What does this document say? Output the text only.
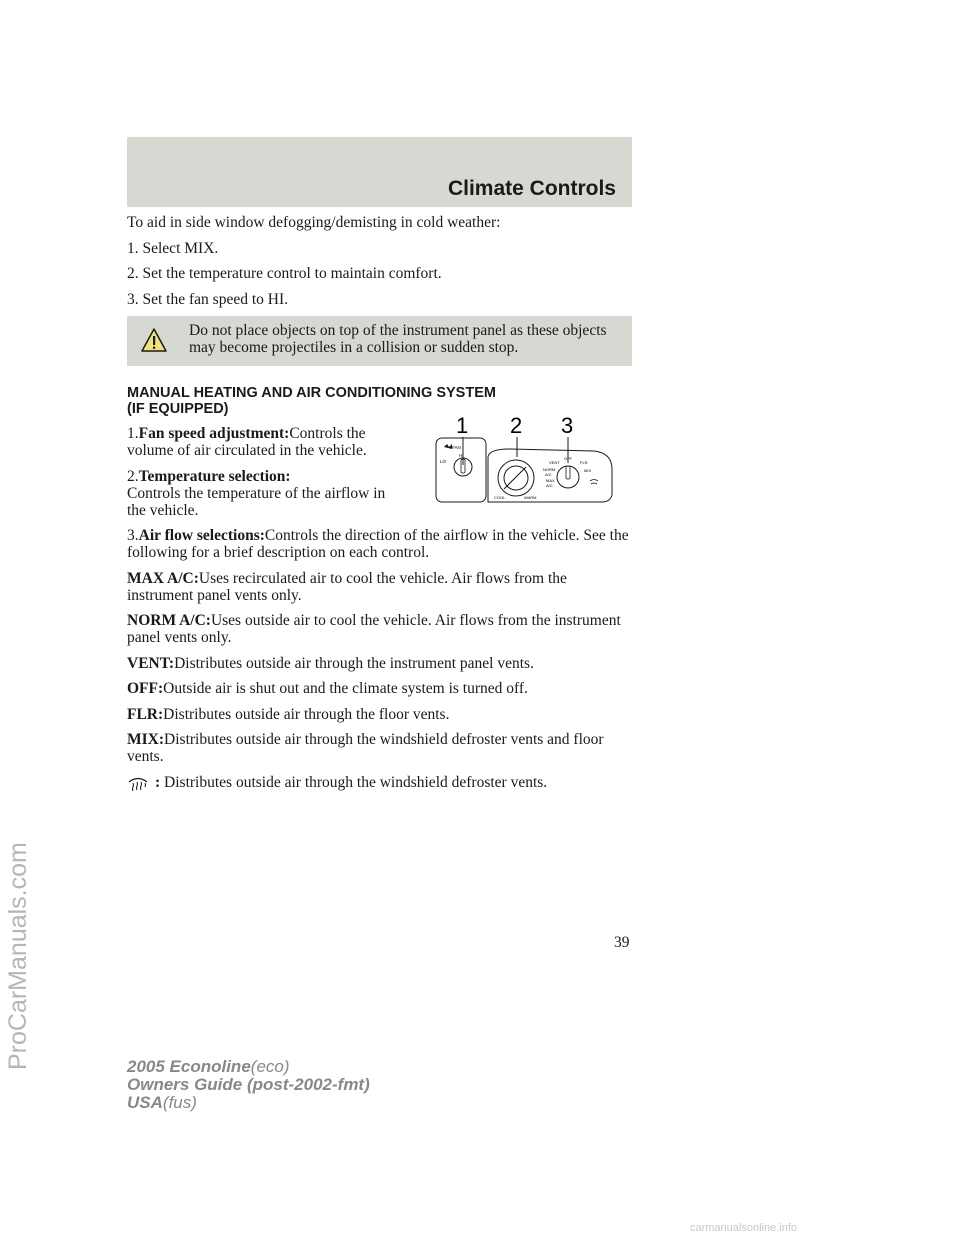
Climate Controls

To aid in side window defogging/demisting in cold weather:

1. Select MIX.

2. Set the temperature control to maintain comfort.

3. Set the fan speed to HI.

Do not place objects on top of the instrument panel as these objects may become projectiles in a collision or sudden stop.
MANUAL HEATING AND AIR CONDITIONING SYSTEM
(IF EQUIPPED)
1 2 3
FAN
HI
LO
COOL	WARM
OFF
VENT	FLR
NORM
A/C
MAX
A/C
MIX

1.Fan speed adjustment:Controls the volume of air circulated in the vehicle.

2.Temperature selection:
Controls the temperature of the airflow in the vehicle.

3.Air flow selections:Controls the direction of the airflow in the vehicle. See the following for a brief description on each control.

MAX A/C:Uses recirculated air to cool the vehicle. Air flows from the instrument panel vents only.

NORM A/C:Uses outside air to cool the vehicle. Air flows from the instrument panel vents only.

VENT:Distributes outside air through the instrument panel vents.

OFF:Outside air is shut out and the climate system is turned off.

FLR:Distributes outside air through the floor vents.

MIX:Distributes outside air through the windshield defroster vents and floor vents.

:
Distributes outside air through the windshield defroster vents.
39
2005 Econoline(eco)
Owners Guide (post-2002-fmt)
USA(fus)
ProCarManuals.com
carmanualsonline.info
